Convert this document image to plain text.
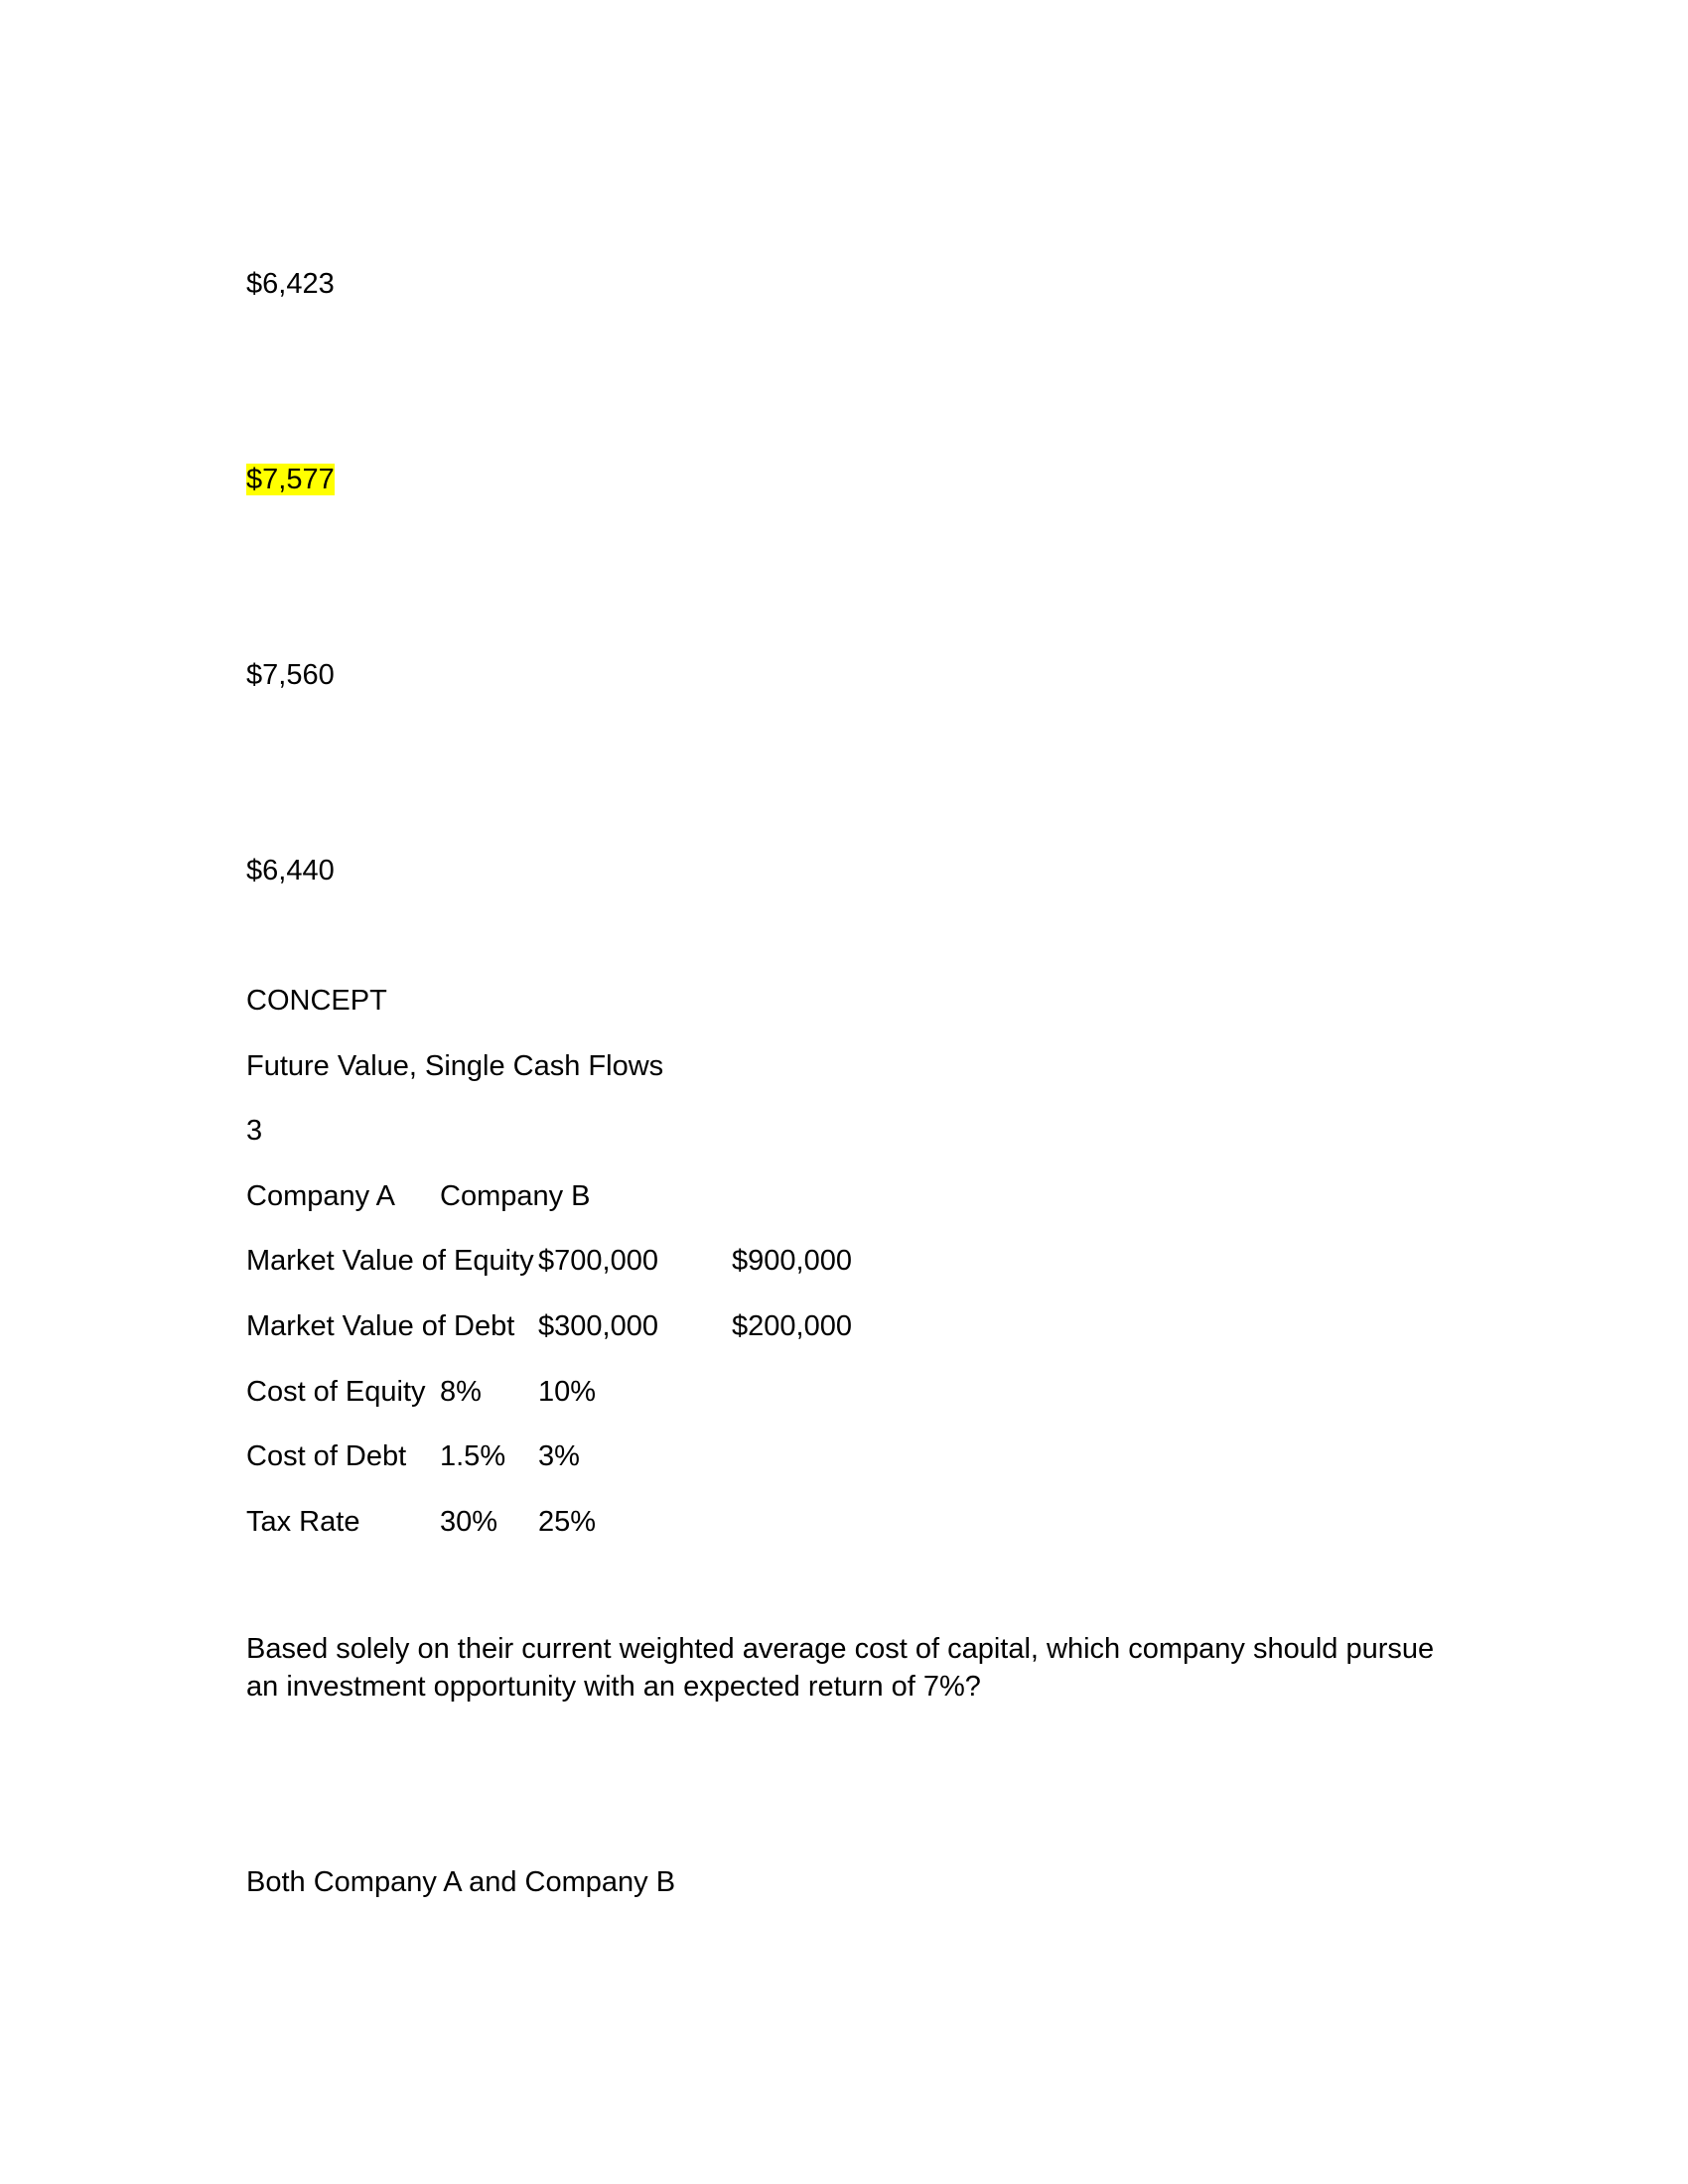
$6,423
$7,577
$7,560
$6,440
CONCEPT
Future Value, Single Cash Flows
3
Company A Company B
Market Value of Equity $700,000	$900,000
Market Value of Debt $300,000	$200,000
Cost of Equity 8% 10%
Cost of Debt 1.5% 3%
Tax Rate	30% 25%
Based solely on their current weighted average cost of capital, which company should pursue an investment opportunity with an expected return of 7%?
Both Company A and Company B
